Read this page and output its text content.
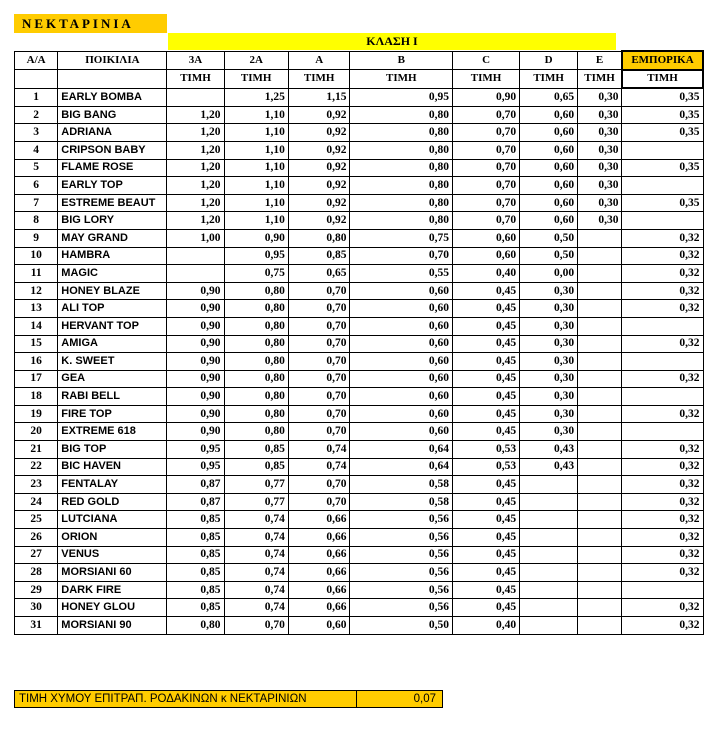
ΝΕΚΤΑΡΙΝΙΑ
ΚΛΑΣΗ Ι
Α/Α	ΠΟΙΚΙΛΙΑ	3Α	2Α	Α	Β	C	D	E	ΕΜΠΟΡΙΚΑ
		ΤΙΜΗ	ΤΙΜΗ	ΤΙΜΗ	ΤΙΜΗ	ΤΙΜΗ	ΤΙΜΗ	ΤΙΜΗ	ΤΙΜΗ
1	EARLY BOMBA		1,25	1,15	0,95	0,90	0,65	0,30	0,35
2	BIG BANG	1,20	1,10	0,92	0,80	0,70	0,60	0,30	0,35
3	ADRIANA	1,20	1,10	0,92	0,80	0,70	0,60	0,30	0,35
4	CRIPSON BABY	1,20	1,10	0,92	0,80	0,70	0,60	0,30	
5	FLAME ROSE	1,20	1,10	0,92	0,80	0,70	0,60	0,30	0,35
6	EARLY TOP	1,20	1,10	0,92	0,80	0,70	0,60	0,30	
7	ESTREME BEAUT	1,20	1,10	0,92	0,80	0,70	0,60	0,30	0,35
8	BIG LORY	1,20	1,10	0,92	0,80	0,70	0,60	0,30	
9	MAY GRAND	1,00	0,90	0,80	0,75	0,60	0,50		0,32
10	HAMBRA		0,95	0,85	0,70	0,60	0,50		0,32
11	MAGIC		0,75	0,65	0,55	0,40	0,00		0,32
12	HONEY BLAZE	0,90	0,80	0,70	0,60	0,45	0,30		0,32
13	ALI TOP	0,90	0,80	0,70	0,60	0,45	0,30		0,32
14	HERVANT TOP	0,90	0,80	0,70	0,60	0,45	0,30		
15	AMIGA	0,90	0,80	0,70	0,60	0,45	0,30		0,32
16	K. SWEET	0,90	0,80	0,70	0,60	0,45	0,30		
17	GEA	0,90	0,80	0,70	0,60	0,45	0,30		0,32
18	RABI BELL	0,90	0,80	0,70	0,60	0,45	0,30		
19	FIRE TOP	0,90	0,80	0,70	0,60	0,45	0,30		0,32
20	EXTREME 618	0,90	0,80	0,70	0,60	0,45	0,30		
21	BIG TOP	0,95	0,85	0,74	0,64	0,53	0,43		0,32
22	BIC HAVEN	0,95	0,85	0,74	0,64	0,53	0,43		0,32
23	FENTALAY	0,87	0,77	0,70	0,58	0,45			0,32
24	RED GOLD	0,87	0,77	0,70	0,58	0,45			0,32
25	LUTCIANA	0,85	0,74	0,66	0,56	0,45			0,32
26	ORION	0,85	0,74	0,66	0,56	0,45			0,32
27	VENUS	0,85	0,74	0,66	0,56	0,45			0,32
28	MORSIANI 60	0,85	0,74	0,66	0,56	0,45			0,32
29	DARK FIRE	0,85	0,74	0,66	0,56	0,45			
30	HONEY GLOU	0,85	0,74	0,66	0,56	0,45			0,32
31	MORSIANI 90	0,80	0,70	0,60	0,50	0,40			0,32
ΤΙΜΗ ΧΥΜΟΥ ΕΠΙΤΡΑΠ. ΡΟΔΑΚΙΝΩΝ κ ΝΕΚΤΑΡΙΝΙΩΝ	0,07
